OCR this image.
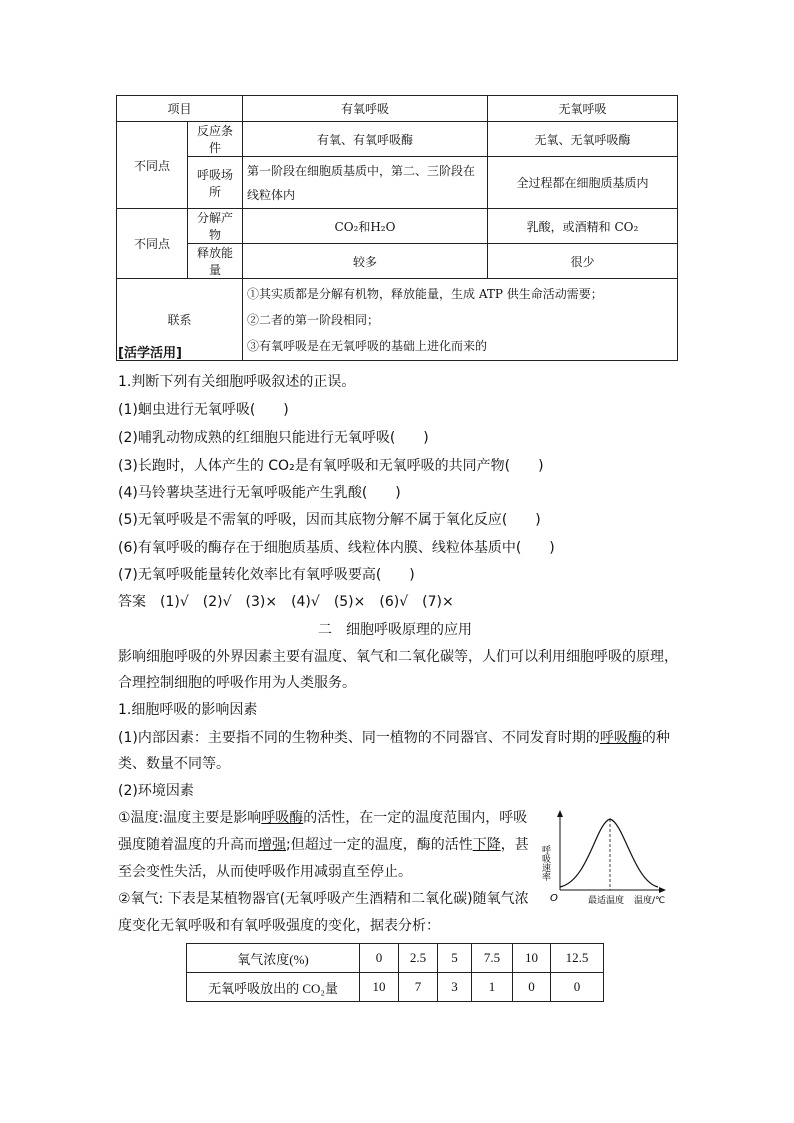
项目		有氧呼吸	无氧呼吸
不同点	反应条件	有氧、有氧呼吸酶	无氧、无氧呼吸酶
	呼吸场所	第一阶段在细胞质基质中，第二、三阶段在线粒体内	全过程都在细胞质基质内
不同点	分解产物	CO₂和H₂O	乳酸，或酒精和 CO₂
	释放能量	较多	很少
联系		①其实质都是分解有机物，释放能量，生成 ATP 供生命活动需要；
②二者的第一阶段相同；
③有氧呼吸是在无氧呼吸的基础上进化而来的	
[活学活用]
1.判断下列有关细胞呼吸叙述的正误。
(1)蛔虫进行无氧呼吸(　　)
(2)哺乳动物成熟的红细胞只能进行无氧呼吸(　　)
(3)长跑时，人体产生的 CO₂是有氧呼吸和无氧呼吸的共同产物(　　)
(4)马铃薯块茎进行无氧呼吸能产生乳酸(　　)
(5)无氧呼吸是不需氧的呼吸，因而其底物分解不属于氧化反应(　　)
(6)有氧呼吸的酶存在于细胞质基质、线粒体内膜、线粒体基质中(　　)
(7)无氧呼吸能量转化效率比有氧呼吸要高(　　)
答案　(1)√　(2)√　(3)×　(4)√　(5)×　(6)√　(7)×
二　细胞呼吸原理的应用
影响细胞呼吸的外界因素主要有温度、氧气和二氧化碳等，人们可以利用细胞呼吸的原理，
合理控制细胞的呼吸作用为人类服务。
1.细胞呼吸的影响因素
(1)内部因素：主要指不同的生物种类、同一植物的不同器官、不同发育时期的呼吸酶的种
类、数量不同等。
(2)环境因素
①温度:温度主要是影响呼吸酶的活性，在一定的温度范围内，呼吸
强度随着温度的升高而增强;但超过一定的温度，酶的活性下降，甚
至会变性失活，从而使呼吸作用减弱直至停止。
②氧气: 下表是某植物器官(无氧呼吸产生酒精和二氧化碳)随氧气浓
度变化无氧呼吸和有氧呼吸强度的变化，据表分析：
呼吸速率
O	最适温度 温度/℃
氧气浓度(%)	0	2.5	5	7.5	10	12.5
无氧呼吸放出的 CO₂量	10	7	3	1	0	0
